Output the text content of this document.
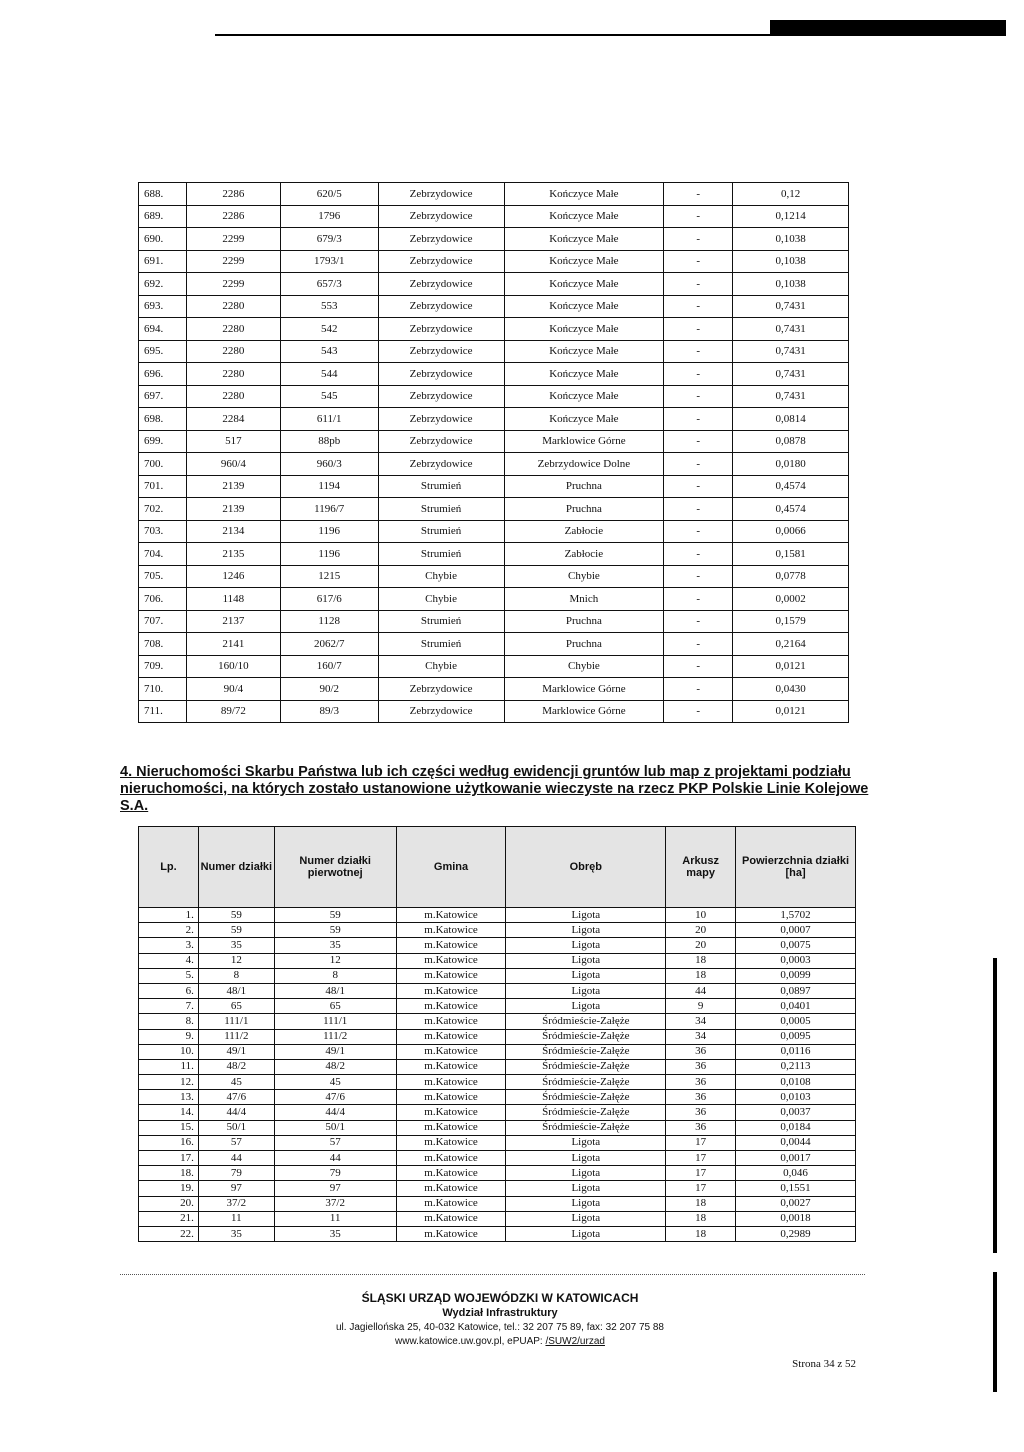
688.	2286	620/5	Zebrzydowice	Kończyce Małe	-	0,12
689.	2286	1796	Zebrzydowice	Kończyce Małe	-	0,1214
690.	2299	679/3	Zebrzydowice	Kończyce Małe	-	0,1038
691.	2299	1793/1	Zebrzydowice	Kończyce Małe	-	0,1038
692.	2299	657/3	Zebrzydowice	Kończyce Małe	-	0,1038
693.	2280	553	Zebrzydowice	Kończyce Małe	-	0,7431
694.	2280	542	Zebrzydowice	Kończyce Małe	-	0,7431
695.	2280	543	Zebrzydowice	Kończyce Małe	-	0,7431
696.	2280	544	Zebrzydowice	Kończyce Małe	-	0,7431
697.	2280	545	Zebrzydowice	Kończyce Małe	-	0,7431
698.	2284	611/1	Zebrzydowice	Kończyce Małe	-	0,0814
699.	517	88pb	Zebrzydowice	Marklowice Górne	-	0,0878
700.	960/4	960/3	Zebrzydowice	Zebrzydowice Dolne	-	0,0180
701.	2139	1194	Strumień	Pruchna	-	0,4574
702.	2139	1196/7	Strumień	Pruchna	-	0,4574
703.	2134	1196	Strumień	Zabłocie	-	0,0066
704.	2135	1196	Strumień	Zabłocie	-	0,1581
705.	1246	1215	Chybie	Chybie	-	0,0778
706.	1148	617/6	Chybie	Mnich	-	0,0002
707.	2137	1128	Strumień	Pruchna	-	0,1579
708.	2141	2062/7	Strumień	Pruchna	-	0,2164
709.	160/10	160/7	Chybie	Chybie	-	0,0121
710.	90/4	90/2	Zebrzydowice	Marklowice Górne	-	0,0430
711.	89/72	89/3	Zebrzydowice	Marklowice Górne	-	0,0121
4. Nieruchomości Skarbu Państwa lub ich części według ewidencji gruntów lub map z projektami podziału nieruchomości, na których zostało ustanowione użytkowanie wieczyste na rzecz PKP Polskie Linie Kolejowe S.A.
Lp.	Numer działki	Numer działki pierwotnej	Gmina	Obręb	Arkusz mapy	Powierzchnia działki [ha]
1.	59	59	m.Katowice	Ligota	10	1,5702
2.	59	59	m.Katowice	Ligota	20	0,0007
3.	35	35	m.Katowice	Ligota	20	0,0075
4.	12	12	m.Katowice	Ligota	18	0,0003
5.	8	8	m.Katowice	Ligota	18	0,0099
6.	48/1	48/1	m.Katowice	Ligota	44	0,0897
7.	65	65	m.Katowice	Ligota	9	0,0401
8.	111/1	111/1	m.Katowice	Śródmieście-Załęże	34	0,0005
9.	111/2	111/2	m.Katowice	Śródmieście-Załęże	34	0,0095
10.	49/1	49/1	m.Katowice	Śródmieście-Załęże	36	0,0116
11.	48/2	48/2	m.Katowice	Śródmieście-Załęże	36	0,2113
12.	45	45	m.Katowice	Śródmieście-Załęże	36	0,0108
13.	47/6	47/6	m.Katowice	Śródmieście-Załęże	36	0,0103
14.	44/4	44/4	m.Katowice	Śródmieście-Załęże	36	0,0037
15.	50/1	50/1	m.Katowice	Śródmieście-Załęże	36	0,0184
16.	57	57	m.Katowice	Ligota	17	0,0044
17.	44	44	m.Katowice	Ligota	17	0,0017
18.	79	79	m.Katowice	Ligota	17	0,046
19.	97	97	m.Katowice	Ligota	17	0,1551
20.	37/2	37/2	m.Katowice	Ligota	18	0,0027
21.	11	11	m.Katowice	Ligota	18	0,0018
22.	35	35	m.Katowice	Ligota	18	0,2989
ŚLĄSKI URZĄD WOJEWÓDZKI W KATOWICACH
Wydział Infrastruktury
ul. Jagiellońska 25, 40-032 Katowice, tel.: 32 207 75 89, fax: 32 207 75 88
www.katowice.uw.gov.pl, ePUAP: /SUW2/urzad
Strona 34 z 52
